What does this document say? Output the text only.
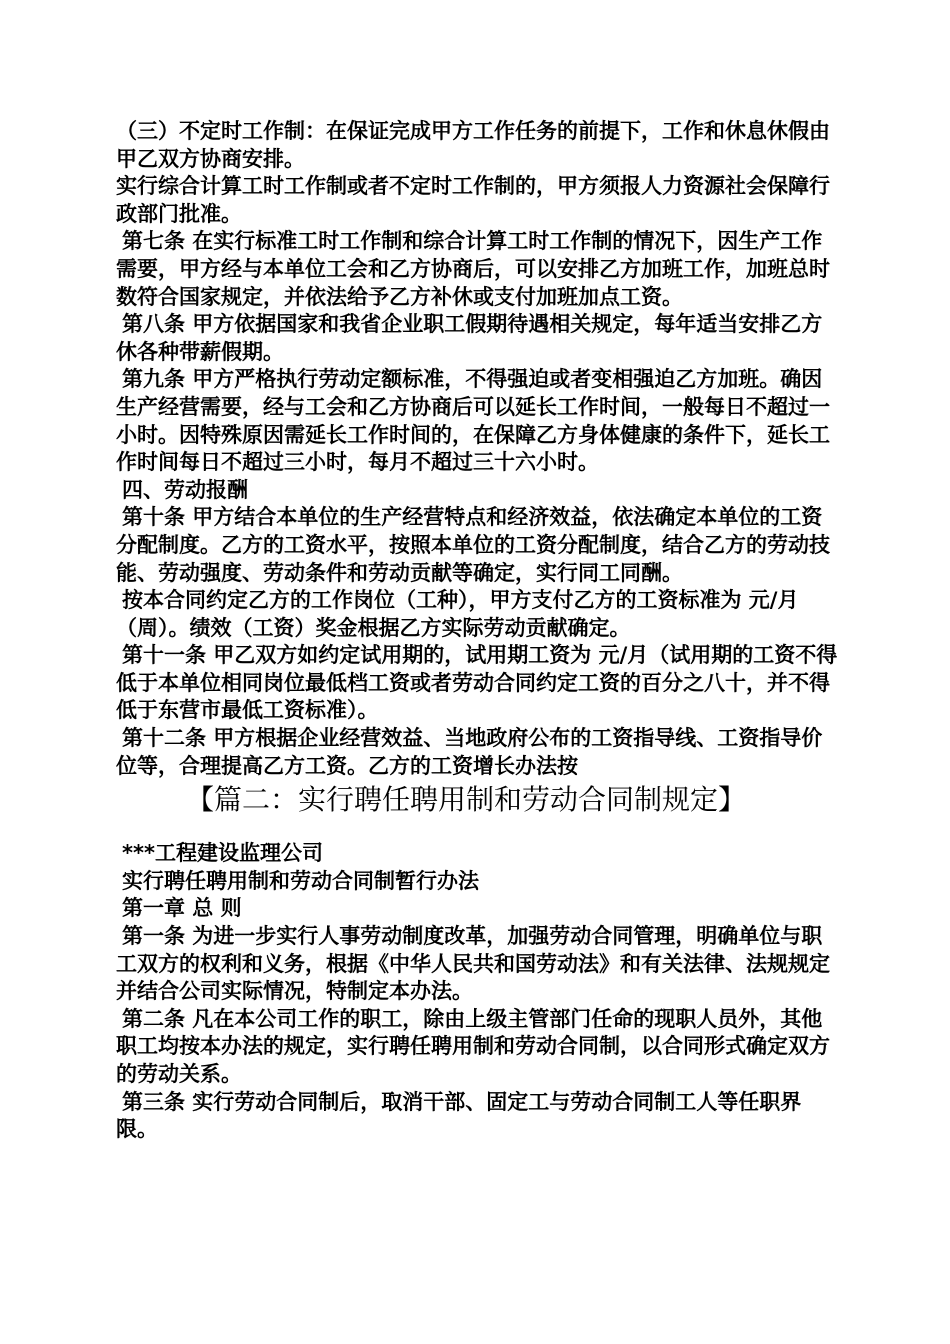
（三）不定时工作制：在保证完成甲方工作任务的前提下，工作和休息休假由甲乙双方协商安排。

实行综合计算工时工作制或者不定时工作制的，甲方须报人力资源社会保障行政部门批准。

第七条 在实行标准工时工作制和综合计算工时工作制的情况下，因生产工作需要，甲方经与本单位工会和乙方协商后，可以安排乙方加班工作，加班总时数符合国家规定，并依法给予乙方补休或支付加班加点工资。

第八条 甲方依据国家和我省企业职工假期待遇相关规定，每年适当安排乙方休各种带薪假期。

第九条 甲方严格执行劳动定额标准，不得强迫或者变相强迫乙方加班。确因生产经营需要，经与工会和乙方协商后可以延长工作时间，一般每日不超过一小时。因特殊原因需延长工作时间的，在保障乙方身体健康的条件下，延长工作时间每日不超过三小时，每月不超过三十六小时。

四、劳动报酬

第十条 甲方结合本单位的生产经营特点和经济效益，依法确定本单位的工资分配制度。乙方的工资水平，按照本单位的工资分配制度，结合乙方的劳动技能、劳动强度、劳动条件和劳动贡献等确定，实行同工同酬。

按本合同约定乙方的工作岗位（工种），甲方支付乙方的工资标准为 元/月（周）。绩效（工资）奖金根据乙方实际劳动贡献确定。

第十一条 甲乙双方如约定试用期的，试用期工资为 元/月（试用期的工资不得低于本单位相同岗位最低档工资或者劳动合同约定工资的百分之八十，并不得低于东营市最低工资标准）。

第十二条 甲方根据企业经营效益、当地政府公布的工资指导线、工资指导价位等，合理提高乙方工资。乙方的工资增长办法按

【篇二：实行聘任聘用制和劳动合同制规定】

***工程建设监理公司

实行聘任聘用制和劳动合同制暂行办法

第一章 总 则

第一条 为进一步实行人事劳动制度改革，加强劳动合同管理，明确单位与职工双方的权利和义务，根据《中华人民共和国劳动法》和有关法律、法规规定并结合公司实际情况，特制定本办法。

第二条 凡在本公司工作的职工，除由上级主管部门任命的现职人员外，其他职工均按本办法的规定，实行聘任聘用制和劳动合同制，以合同形式确定双方的劳动关系。

第三条 实行劳动合同制后，取消干部、固定工与劳动合同制工人等任职界限。
